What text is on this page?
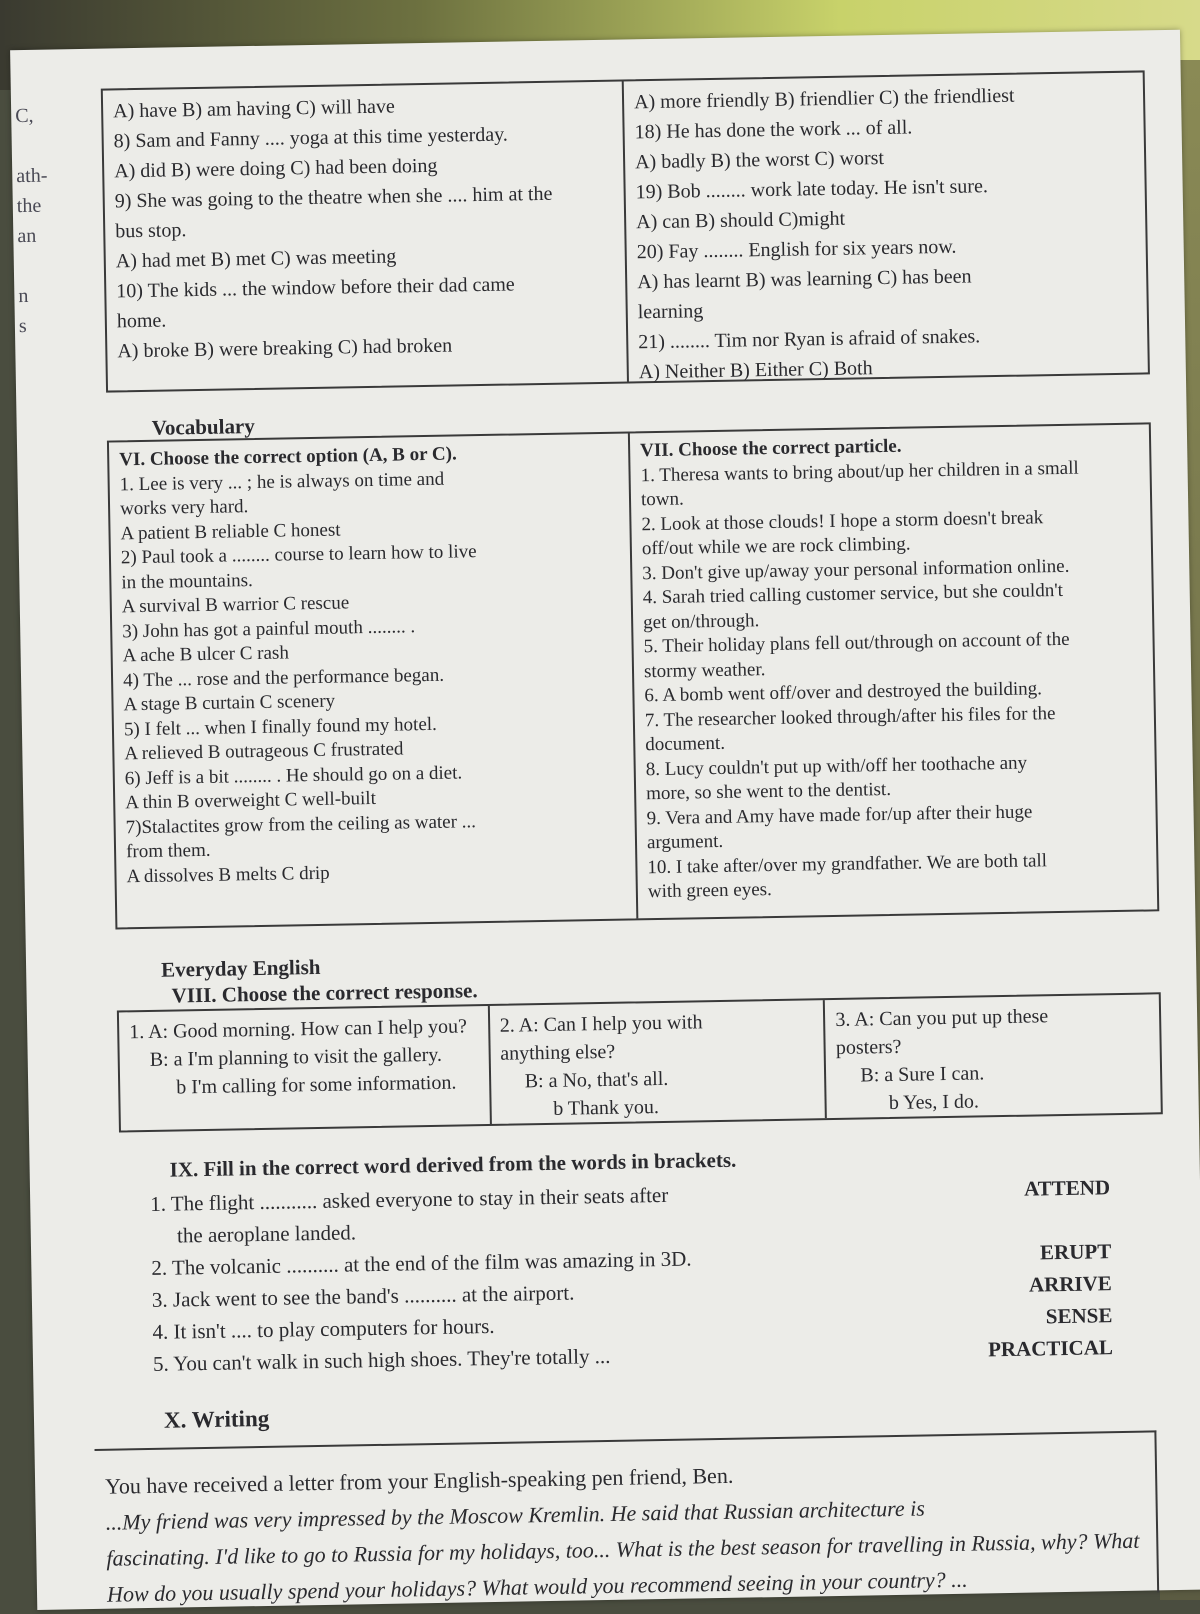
C,
ath-
the
an
n
s
A) have B) am having C) will have
8) Sam and Fanny .... yoga at this time yesterday.
A) did B) were doing C) had been doing
9) She was going to the theatre when she .... him at the
bus stop.
A) had met B) met C) was meeting
10) The kids ... the window before their dad came
home.
A) broke B) were breaking C) had broken
A) more friendly B) friendlier C) the friendliest
18) He has done the work ... of all.
A) badly B) the worst C) worst
19) Bob ........ work late today. He isn't sure.
A) can B) should C)might
20) Fay ........ English for six years now.
A) has learnt B) was learning C) has been
learning
21) ........ Tim nor Ryan is afraid of snakes.
A) Neither B) Either C) Both
Vocabulary
VI. Choose the correct option (A, B or C).
1. Lee is very ... ; he is always on time and
works very hard.
A patient B reliable C honest
2) Paul took a ........ course to learn how to live
in the mountains.
A survival B warrior C rescue
3) John has got a painful mouth ........ .
A ache B ulcer C rash
4) The ... rose and the performance began.
A stage B curtain C scenery
5) I felt ... when I finally found my hotel.
A relieved B outrageous C frustrated
6) Jeff is a bit ........ . He should go on a diet.
A thin B overweight C well-built
7)Stalactites grow from the ceiling as water ...
from them.
A dissolves B melts C drip
VII. Choose the correct particle.
1. Theresa wants to bring about/up her children in a small
town.
2. Look at those clouds! I hope a storm doesn't break
off/out while we are rock climbing.
3. Don't give up/away your personal information online.
4. Sarah tried calling customer service, but she couldn't
get on/through.
5. Their holiday plans fell out/through on account of the
stormy weather.
6. A bomb went off/over and destroyed the building.
7. The researcher looked through/after his files for the
document.
8. Lucy couldn't put up with/off her toothache any
more, so she went to the dentist.
9. Vera and Amy have made for/up after their huge
argument.
10. I take after/over my grandfather. We are both tall
with green eyes.
Everyday English
VIII. Choose the correct response.
1. A: Good morning. How can I help you?
B: a I'm planning to visit the gallery.
b I'm calling for some information.
2. A: Can I help you with
anything else?
B: a No, that's all.
b Thank you.
3. A: Can you put up these
posters?
B: a Sure I can.
b Yes, I do.
IX. Fill in the correct word derived from the words in brackets.
1. The flight ........... asked everyone to stay in their seats after	ATTEND
the aeroplane landed.
2. The volcanic .......... at the end of the film was amazing in 3D.	ERUPT
3. Jack went to see the band's .......... at the airport.	ARRIVE
4. It isn't .... to play computers for hours.	SENSE
5. You can't walk in such high shoes. They're totally ...	PRACTICAL
X. Writing
You have received a letter from your English-speaking pen friend, Ben.
...My friend was very impressed by the Moscow Kremlin. He said that Russian architecture is
fascinating. I'd like to go to Russia for my holidays, too... What is the best season for travelling in Russia, why? What
How do you usually spend your holidays? What would you recommend seeing in your country? ...
